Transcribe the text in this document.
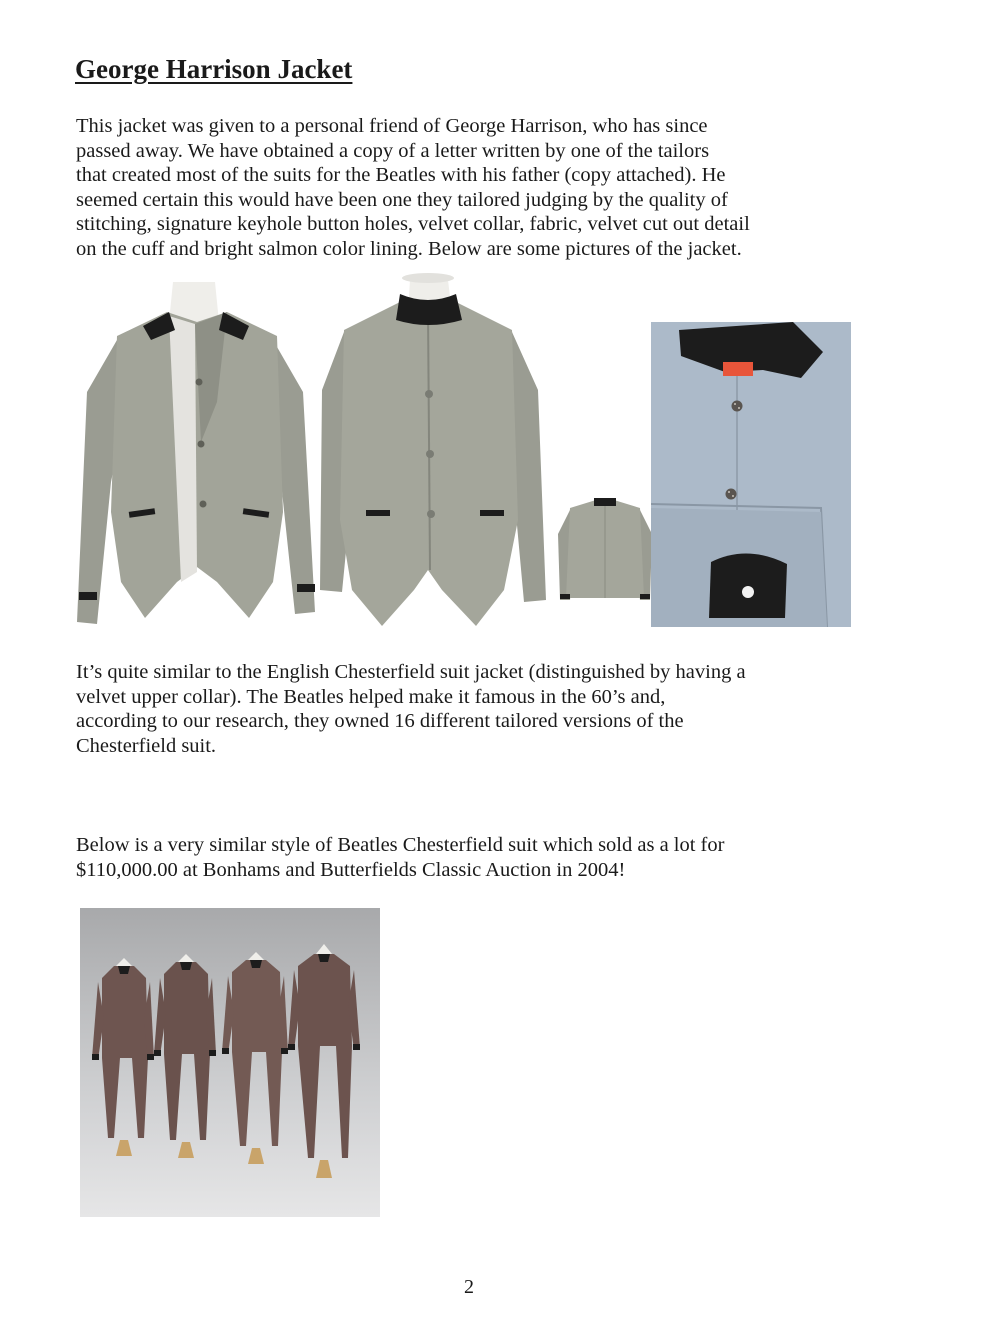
George Harrison Jacket

This jacket was given to a personal friend of George Harrison, who has since
passed away. We have obtained a copy of a letter written by one of the tailors
that created most of the suits for the Beatles with his father (copy attached). He
seemed certain this would have been one they tailored judging by the quality of
stitching, signature keyhole button holes, velvet collar, fabric, velvet cut out detail
on the cuff and bright salmon color lining. Below are some pictures of the jacket.

It’s quite similar to the English Chesterfield suit jacket (distinguished by having a
velvet upper collar). The Beatles helped make it famous in the 60’s and,
according to our research, they owned 16 different tailored versions of the
Chesterfield suit.

Below is a very similar style of Beatles Chesterfield suit which sold as a lot for
$110,000.00 at Bonhams and Butterfields Classic Auction in 2004!

2
